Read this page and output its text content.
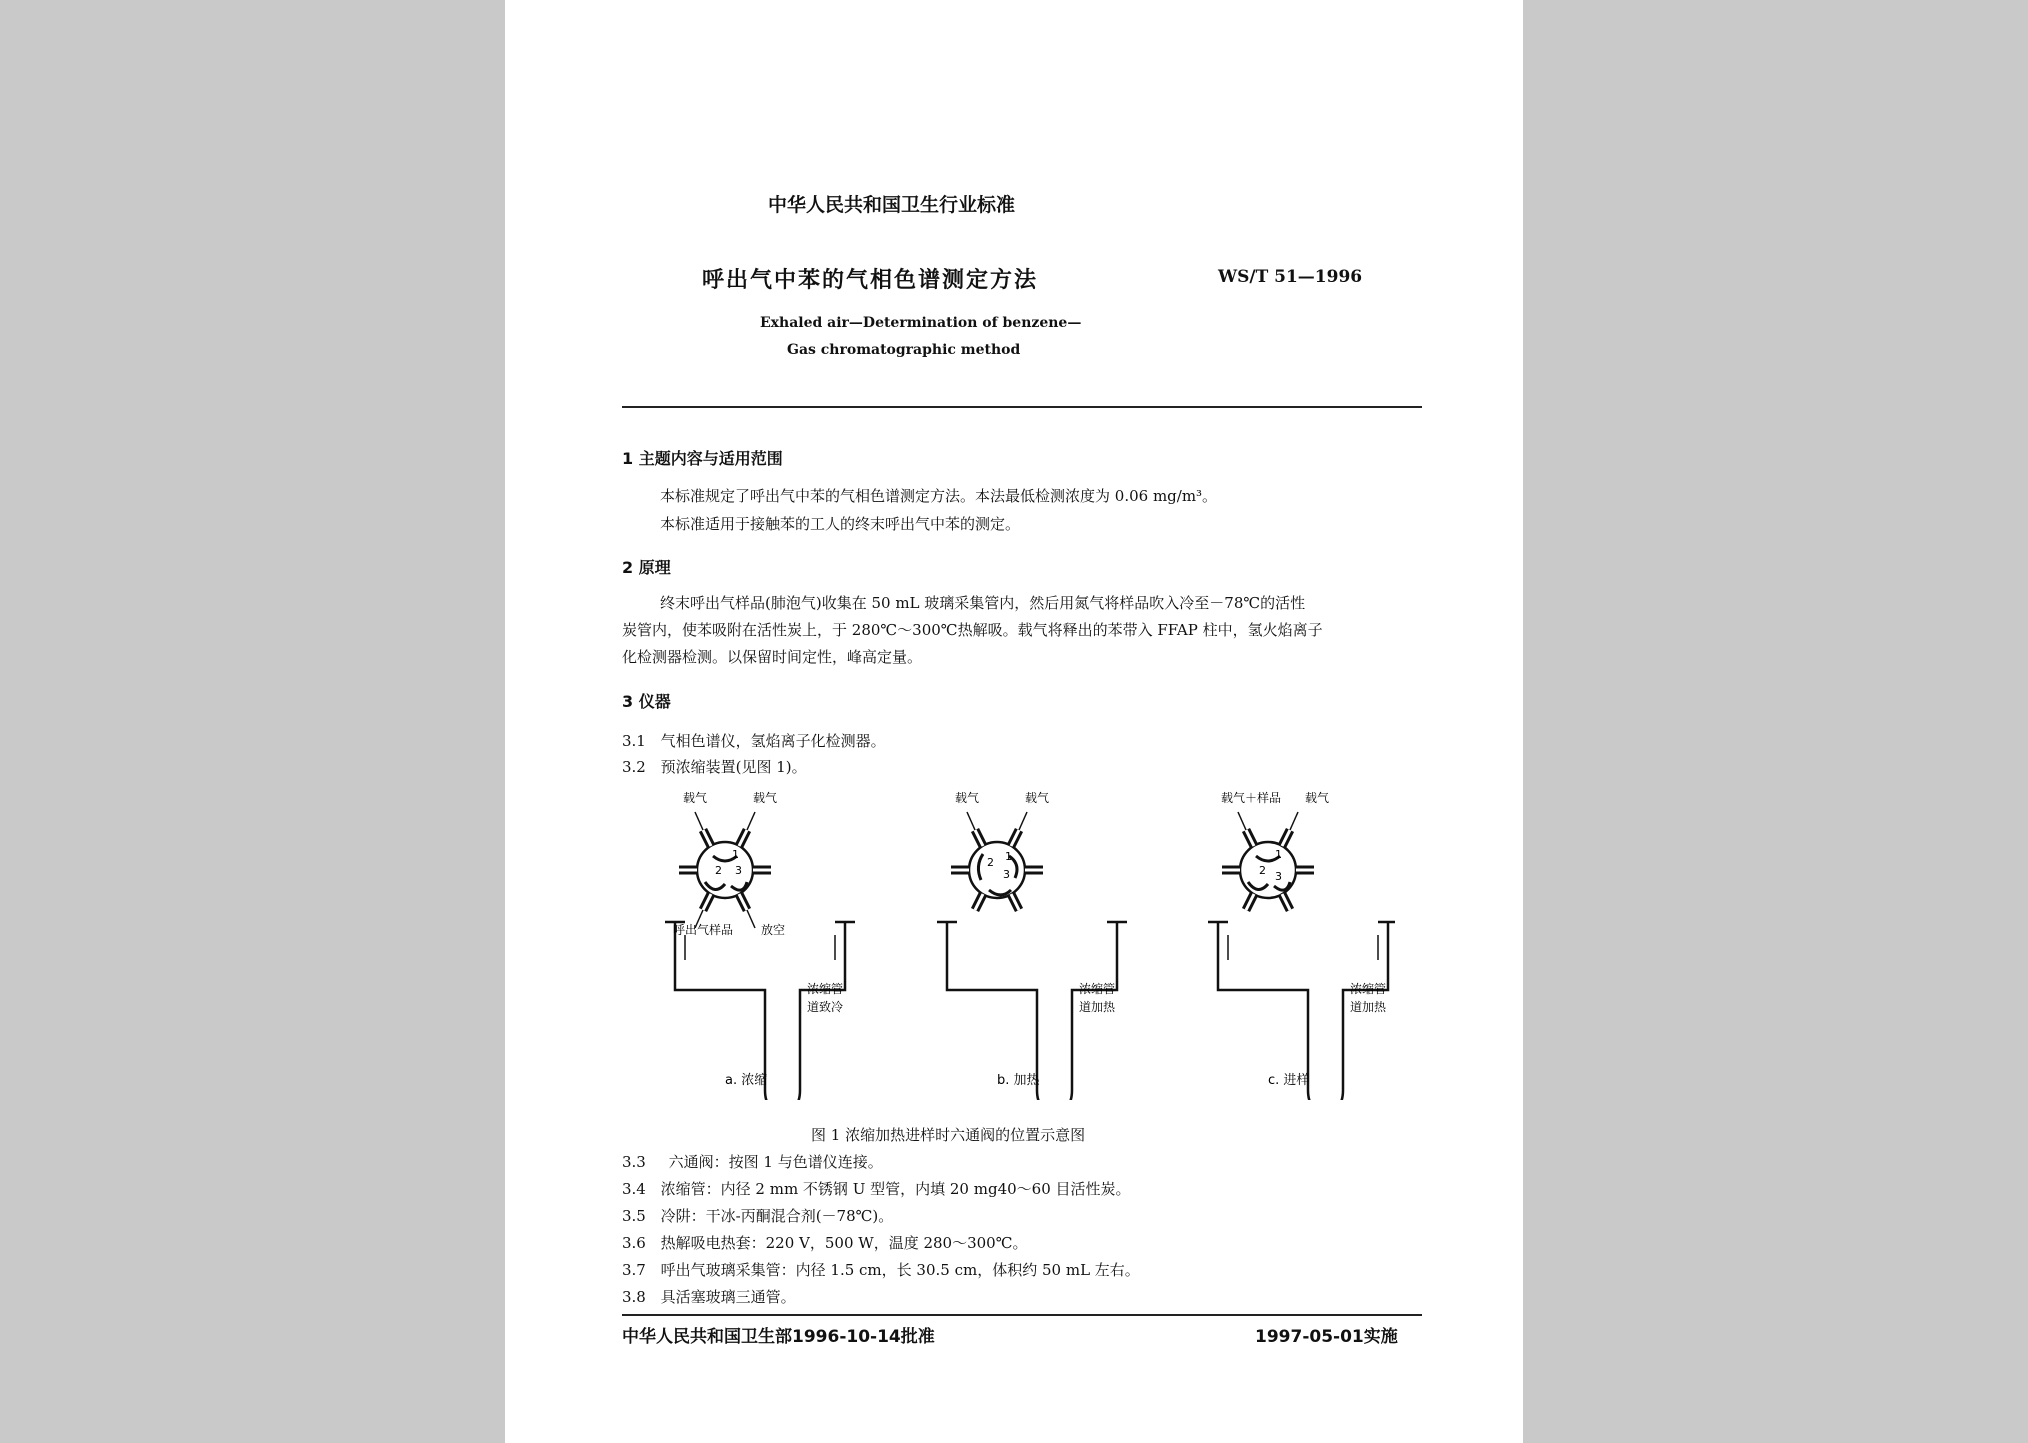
中华人民共和国卫生行业标准
呼出气中苯的气相色谱测定方法	WS/T 51—1996
Exhaled air—Determination of benzene—
Gas chromatographic method
1 主题内容与适用范围
本标准规定了呼出气中苯的气相色谱测定方法。本法最低检测浓度为 0.06 mg/m³。
本标准适用于接触苯的工人的终末呼出气中苯的测定。
2 原理
终末呼出气样品(肺泡气)收集在 50 mL 玻璃采集管内，然后用氮气将样品吹入冷至－78℃的活性
炭管内，使苯吸附在活性炭上，于 280℃～300℃热解吸。载气将释出的苯带入 FFAP 柱中，氢火焰离子
化检测器检测。以保留时间定性，峰高定量。
3 仪器
3.1 气相色谱仪，氢焰离子化检测器。
3.2 预浓缩装置(见图 1)。
1
2 3
载气	载气
呼出气样品 放空
浓缩管
道致冷
a. 浓缩
1
2
3
载气	载气
浓缩管
道加热
b. 加热
1
2 3
载气＋样品 载气
浓缩管
道加热
c. 进样
图 1 浓缩加热进样时六通阀的位置示意图
3.3 六通阀：按图 1 与色谱仪连接。
3.4 浓缩管：内径 2 mm 不锈钢 U 型管，内填 20 mg40～60 目活性炭。
3.5 冷阱：干冰-丙酮混合剂(－78℃)。
3.6 热解吸电热套：220 V，500 W，温度 280～300℃。
3.7 呼出气玻璃采集管：内径 1.5 cm，长 30.5 cm，体积约 50 mL 左右。
3.8 具活塞玻璃三通管。
中华人民共和国卫生部1996-10-14批准	1997-05-01实施
